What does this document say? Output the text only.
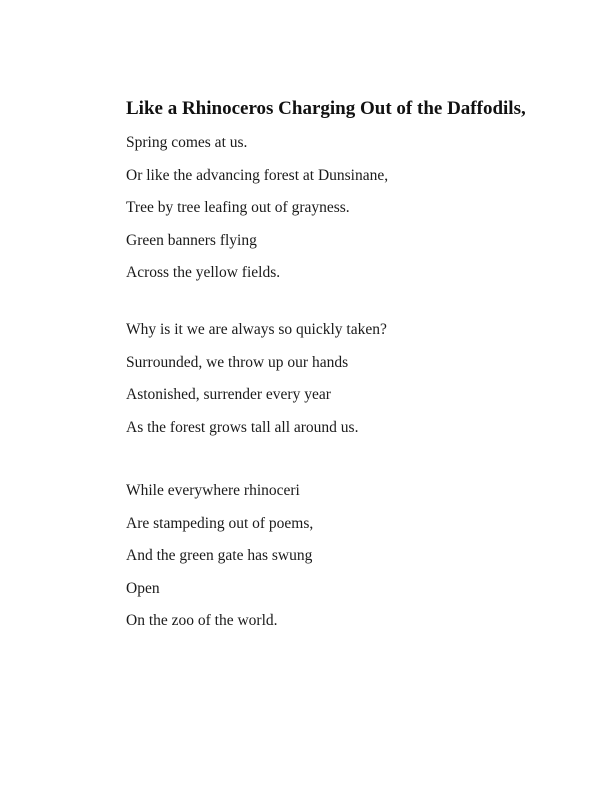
Like a Rhinoceros Charging Out of the Daffodils,
Spring comes at us.
Or like the advancing forest at Dunsinane,
Tree by tree leafing out of grayness.
Green banners flying
Across the yellow fields.
Why is it we are always so quickly taken?
Surrounded, we throw up our hands
Astonished, surrender every year
As the forest grows tall all around us.
While everywhere rhinoceri
Are stampeding out of poems,
And the green gate has swung
Open
On the zoo of the world.
